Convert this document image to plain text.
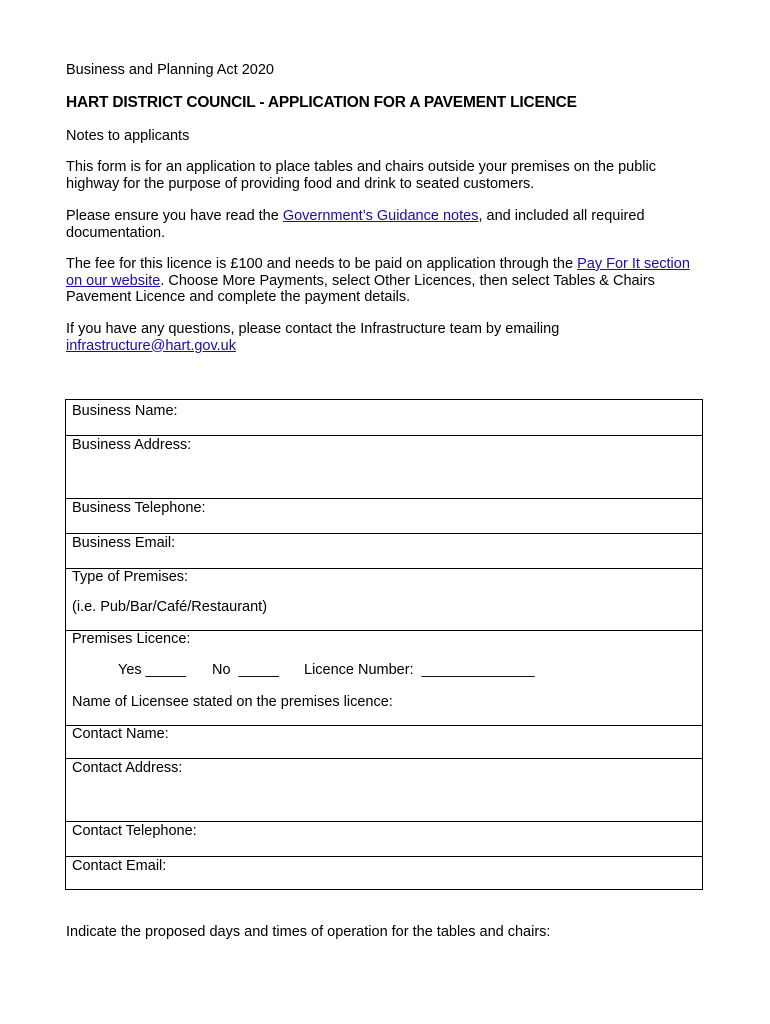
Business and Planning Act 2020
HART DISTRICT COUNCIL - APPLICATION FOR A PAVEMENT LICENCE
Notes to applicants
This form is for an application to place tables and chairs outside your premises on the public highway for the purpose of providing food and drink to seated customers.
Please ensure you have read the Government’s Guidance notes, and included all required documentation.
The fee for this licence is £100 and needs to be paid on application through the Pay For It section on our website. Choose More Payments, select Other Licences, then select Tables & Chairs Pavement Licence and complete the payment details.
If you have any questions, please contact the Infrastructure team by emailing infrastructure@hart.gov.uk
Business Name:
Business Address:
Business Telephone:
Business Email:
Type of Premises:
(i.e. Pub/Bar/Café/Restaurant)
Premises Licence:
Yes _____ No  _____ Licence Number:  ______________
Name of Licensee stated on the premises licence:
Contact Name:
Contact Address:
Contact Telephone:
Contact Email:
Indicate the proposed days and times of operation for the tables and chairs:
